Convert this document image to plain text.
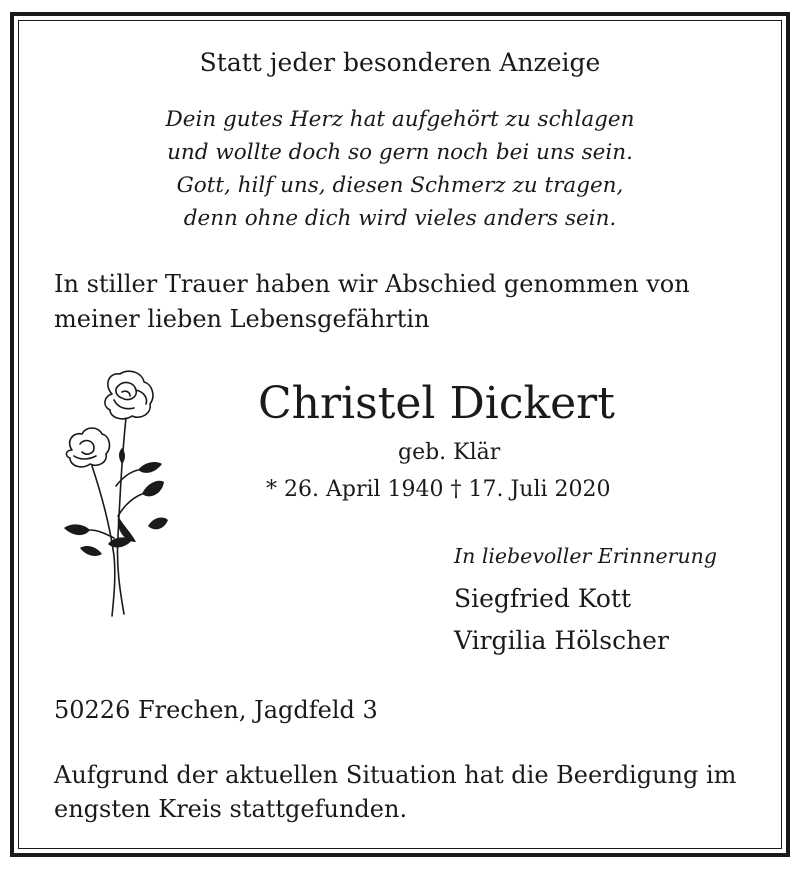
Statt jeder besonderen Anzeige
Dein gutes Herz hat aufgehört zu schlagen
und wollte doch so gern noch bei uns sein.
Gott, hilf uns, diesen Schmerz zu tragen,
denn ohne dich wird vieles anders sein.
In stiller Trauer haben wir Abschied genommen von
meiner lieben Lebensgefährtin
Christel Dickert
geb. Klär
* 26. April 1940 † 17. Juli 2020
In liebevoller Erinnerung
Siegfried Kott
Virgilia Hölscher
50226 Frechen, Jagdfeld 3
Aufgrund der aktuellen Situation hat die Beerdigung im
engsten Kreis stattgefunden.
